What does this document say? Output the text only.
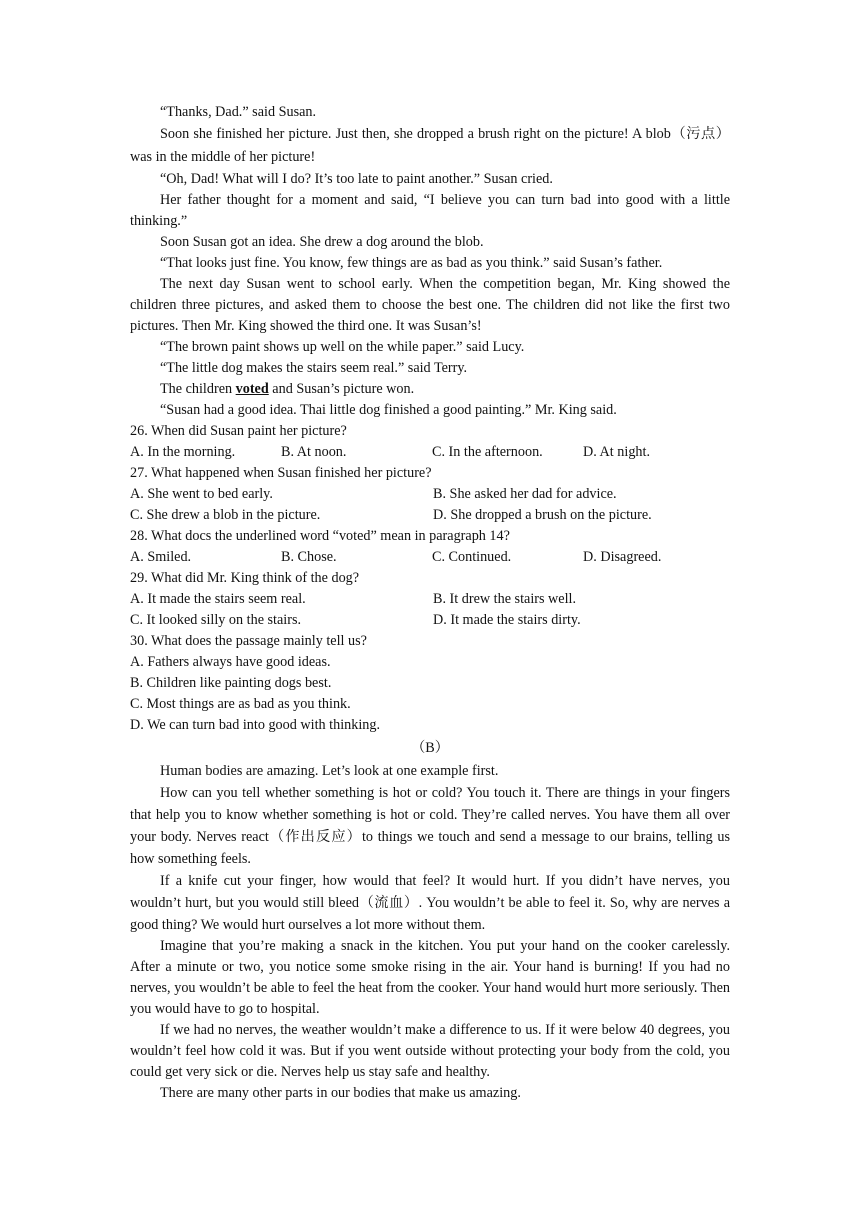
“Thanks, Dad.” said Susan.

Soon she finished her picture. Just then, she dropped a brush right on the picture! A blob（污点）was in the middle of her picture!

“Oh, Dad! What will I do? It’s too late to paint another.” Susan cried.

Her father thought for a moment and said, “I believe you can turn bad into good with a little thinking.”

Soon Susan got an idea. She drew a dog around the blob.

“That looks just fine. You know, few things are as bad as you think.” said Susan’s father.

The next day Susan went to school early. When the competition began, Mr. King showed the children three pictures, and asked them to choose the best one. The children did not like the first two pictures. Then Mr. King showed the third one. It was Susan’s!

“The brown paint shows up well on the while paper.” said Lucy.

“The little dog makes the stairs seem real.” said Terry.

The children voted and Susan’s picture won.

“Susan had a good idea. Thai little dog finished a good painting.” Mr. King said.

26. When did Susan paint her picture?

A. In the morning.	B. At noon.	C. In the afternoon.	D. At night.

27. What happened when Susan finished her picture?

A. She went to bed early.	B. She asked her dad for advice.
C. She drew a blob in the picture.	D. She dropped a brush on the picture.

28. What docs the underlined word “voted” mean in paragraph 14?

A. Smiled.	B. Chose.	C. Continued.	D. Disagreed.

29. What did Mr. King think of the dog?

A. It made the stairs seem real.	B. It drew the stairs well.
C. It looked silly on the stairs.	D. It made the stairs dirty.

30. What does the passage mainly tell us?

A. Fathers always have good ideas.

B. Children like painting dogs best.

C. Most things are as bad as you think.

D. We can turn bad into good with thinking.

（B）

Human bodies are amazing. Let’s look at one example first.

How can you tell whether something is hot or cold? You touch it. There are things in your fingers that help you to know whether something is hot or cold. They’re called nerves. You have them all over your body. Nerves react（作出反应）to things we touch and send a message to our brains, telling us how something feels.

If a knife cut your finger, how would that feel? It would hurt. If you didn’t have nerves, you wouldn’t hurt, but you would still bleed（流血）. You wouldn’t be able to feel it. So, why are nerves a good thing? We would hurt ourselves a lot more without them.

Imagine that you’re making a snack in the kitchen. You put your hand on the cooker carelessly. After a minute or two, you notice some smoke rising in the air. Your hand is burning! If you had no nerves, you wouldn’t be able to feel the heat from the cooker. Your hand would hurt more seriously. Then you would have to go to hospital.

If we had no nerves, the weather wouldn’t make a difference to us. If it were below 40 degrees, you wouldn’t feel how cold it was. But if you went outside without protecting your body from the cold, you could get very sick or die. Nerves help us stay safe and healthy.

There are many other parts in our bodies that make us amazing.
